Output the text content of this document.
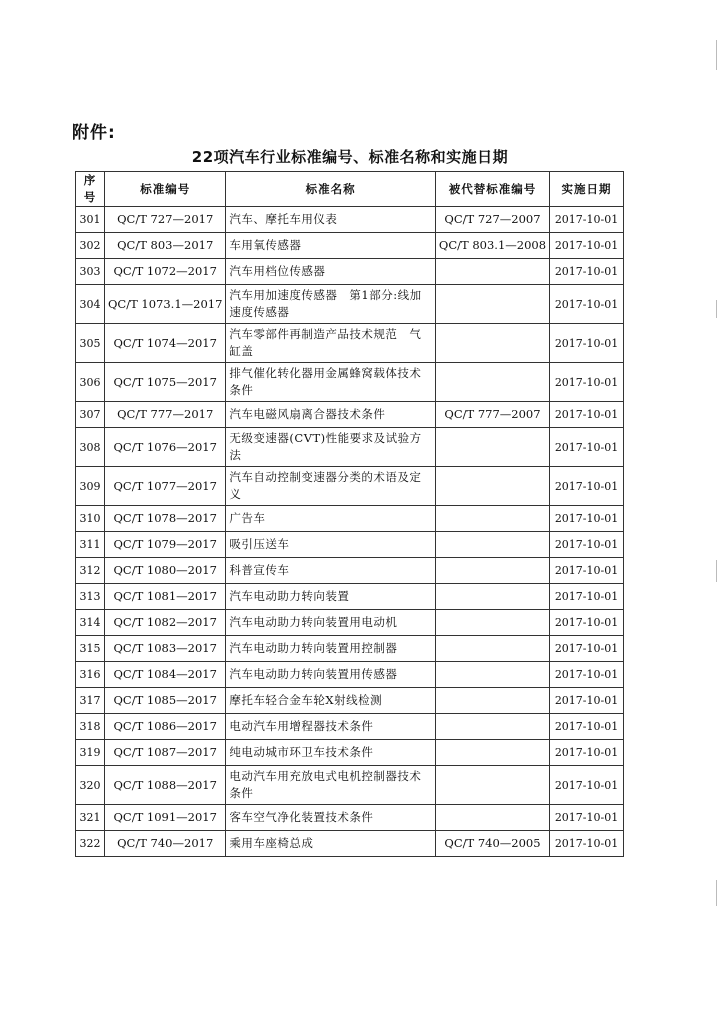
附件:
22项汽车行业标准编号、标准名称和实施日期
序号	标准编号	标准名称	被代替标准编号	实施日期
301	QC/T 727—2017	汽车、摩托车用仪表	QC/T 727—2007	2017-10-01
302	QC/T 803—2017	车用氧传感器	QC/T 803.1—2008	2017-10-01
303	QC/T 1072—2017	汽车用档位传感器		2017-10-01
304	QC/T 1073.1—2017	汽车用加速度传感器　第1部分:线加速度传感器		2017-10-01
305	QC/T 1074—2017	汽车零部件再制造产品技术规范　气缸盖		2017-10-01
306	QC/T 1075—2017	排气催化转化器用金属蜂窝载体技术条件		2017-10-01
307	QC/T 777—2017	汽车电磁风扇离合器技术条件	QC/T 777—2007	2017-10-01
308	QC/T 1076—2017	无级变速器(CVT)性能要求及试验方法		2017-10-01
309	QC/T 1077—2017	汽车自动控制变速器分类的术语及定义		2017-10-01
310	QC/T 1078—2017	广告车		2017-10-01
311	QC/T 1079—2017	吸引压送车		2017-10-01
312	QC/T 1080—2017	科普宣传车		2017-10-01
313	QC/T 1081—2017	汽车电动助力转向装置		2017-10-01
314	QC/T 1082—2017	汽车电动助力转向装置用电动机		2017-10-01
315	QC/T 1083—2017	汽车电动助力转向装置用控制器		2017-10-01
316	QC/T 1084—2017	汽车电动助力转向装置用传感器		2017-10-01
317	QC/T 1085—2017	摩托车轻合金车轮X射线检测		2017-10-01
318	QC/T 1086—2017	电动汽车用增程器技术条件		2017-10-01
319	QC/T 1087—2017	纯电动城市环卫车技术条件		2017-10-01
320	QC/T 1088—2017	电动汽车用充放电式电机控制器技术条件		2017-10-01
321	QC/T 1091—2017	客车空气净化装置技术条件		2017-10-01
322	QC/T 740—2017	乘用车座椅总成	QC/T 740—2005	2017-10-01
